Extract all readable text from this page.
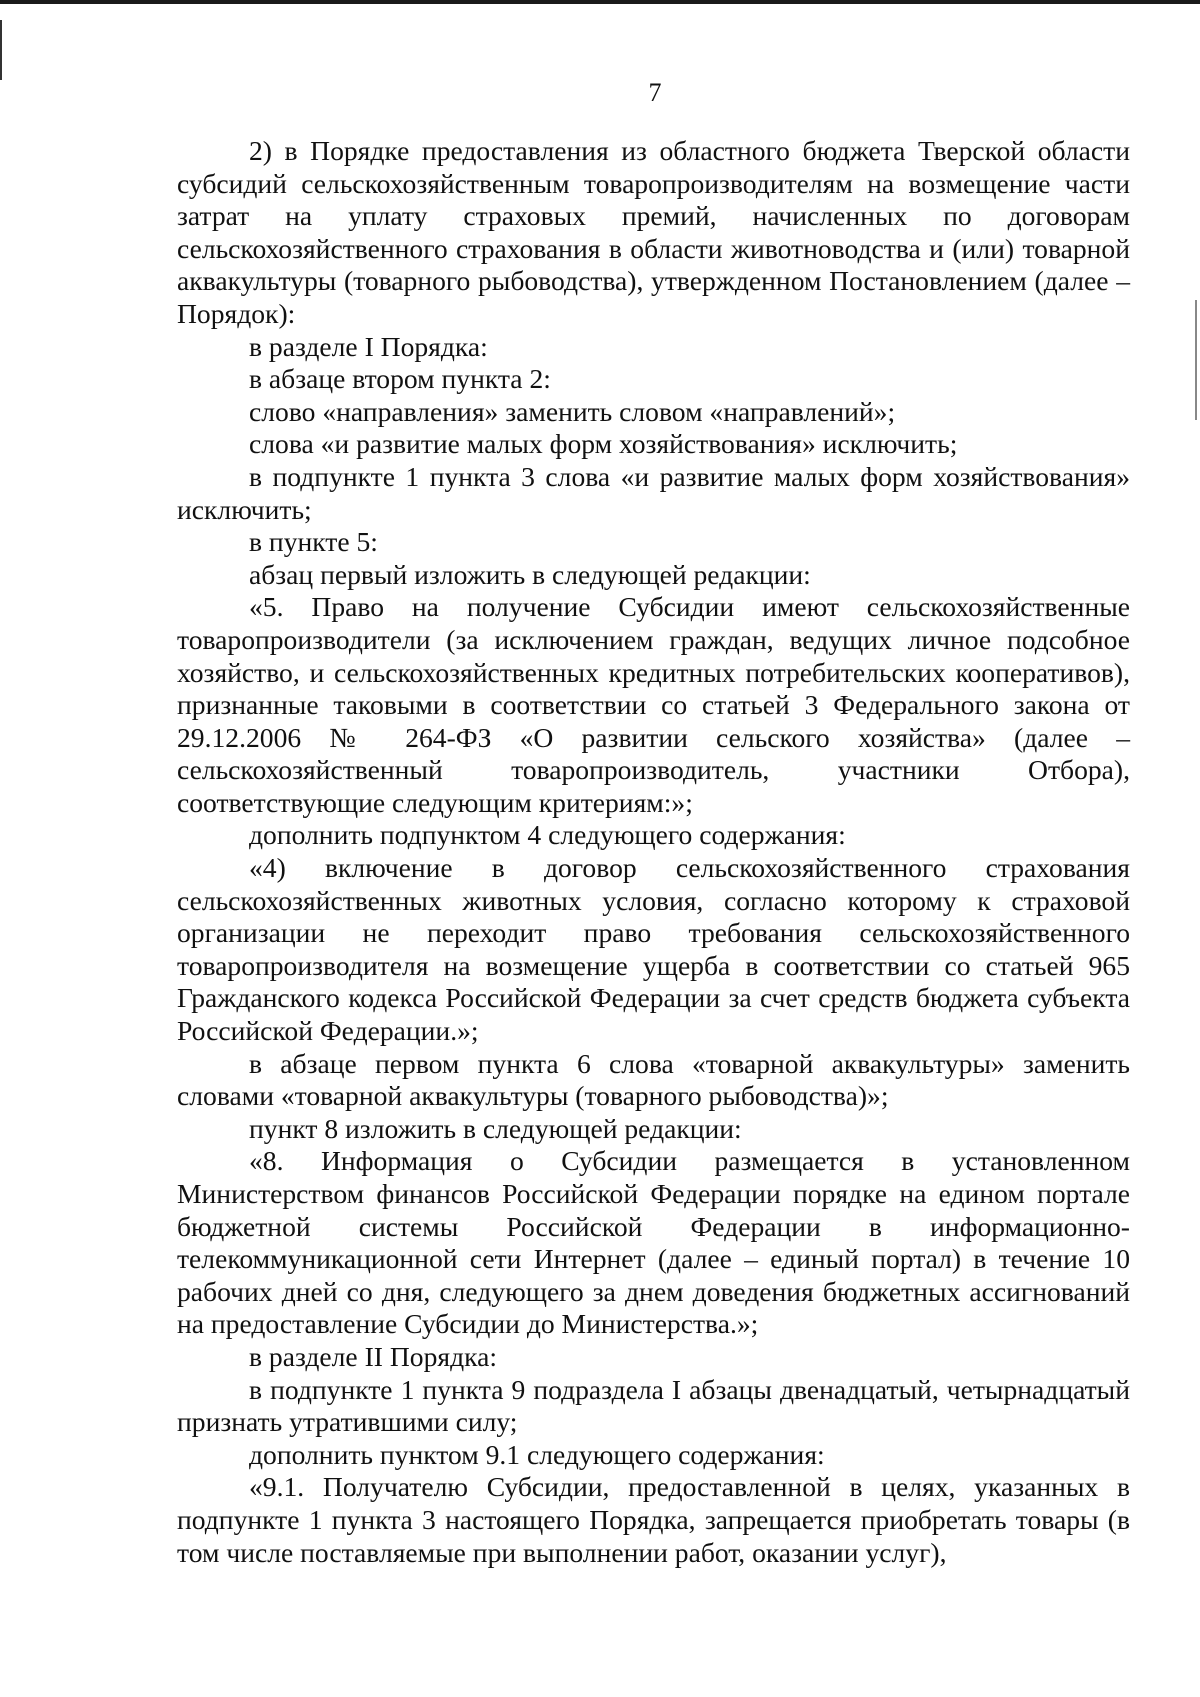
7

2) в Порядке предоставления из областного бюджета Тверской области субсидий сельскохозяйственным товаропроизводителям на возмещение части затрат на уплату страховых премий, начисленных по договорам сельскохозяйственного страхования в области животноводства и (или) товарной аквакультуры (товарного рыбоводства), утвержденном Постановлением (далее – Порядок):

в разделе I Порядка:

в абзаце втором пункта 2:

слово «направления» заменить словом «направлений»;

слова «и развитие малых форм хозяйствования» исключить;

в подпункте 1 пункта 3 слова «и развитие малых форм хозяйствования» исключить;

в пункте 5:

абзац первый изложить в следующей редакции:

«5. Право на получение Субсидии имеют сельскохозяйственные товаропроизводители (за исключением граждан, ведущих личное подсобное хозяйство, и сельскохозяйственных кредитных потребительских кооперативов), признанные таковыми в соответствии со статьей 3 Федерального закона от 29.12.2006 № 264-ФЗ «О развитии сельского хозяйства» (далее – сельскохозяйственный товаропроизводитель, участники Отбора), соответствующие следующим критериям:»;

дополнить подпунктом 4 следующего содержания:

«4) включение в договор сельскохозяйственного страхования сельскохозяйственных животных условия, согласно которому к страховой организации не переходит право требования сельскохозяйственного товаропроизводителя на возмещение ущерба в соответствии со статьей 965 Гражданского кодекса Российской Федерации за счет средств бюджета субъекта Российской Федерации.»;

в абзаце первом пункта 6 слова «товарной аквакультуры» заменить словами «товарной аквакультуры (товарного рыбоводства)»;

пункт 8 изложить в следующей редакции:

«8. Информация о Субсидии размещается в установленном Министерством финансов Российской Федерации порядке на едином портале бюджетной системы Российской Федерации в информационно-телекоммуникационной сети Интернет (далее – единый портал) в течение 10 рабочих дней со дня, следующего за днем доведения бюджетных ассигнований на предоставление Субсидии до Министерства.»;

в разделе II Порядка:

в подпункте 1 пункта 9 подраздела I абзацы двенадцатый, четырнадцатый признать утратившими силу;

дополнить пунктом 9.1 следующего содержания:

«9.1. Получателю Субсидии, предоставленной в целях, указанных в подпункте 1 пункта 3 настоящего Порядка, запрещается приобретать товары (в том числе поставляемые при выполнении работ, оказании услуг),
